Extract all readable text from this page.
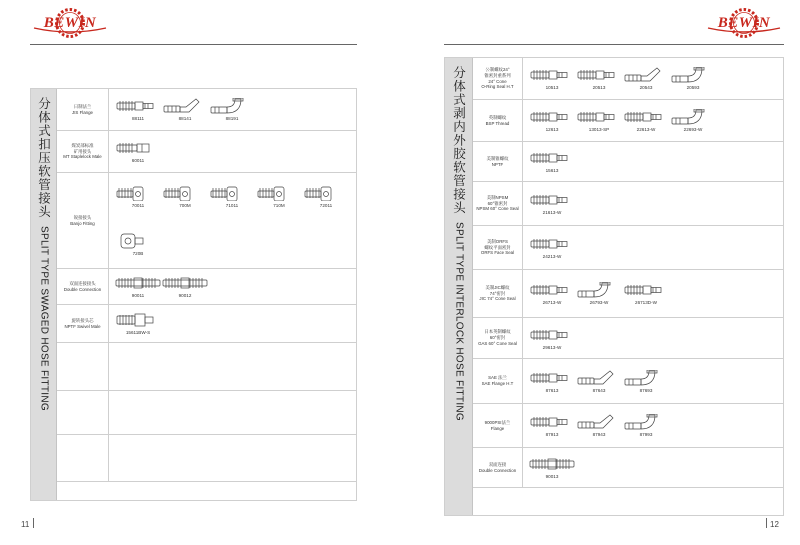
BEWIN
分体式扣压软管接头 SPLIT TYPE SWAGED HOSE FITTING
日制法兰
JIS Flange
88111	88141	88191
煤炭部标准
矿用接头
MT Staplelock Male
60011
锐接接头
Banjo Fitting
70011	700M	71011	710M	72011
720B
双面连接接头
Double Connection
90011	90012
旋转接头芯
NPTF Swivel Male
15611BW-S
11
BEWIN
分体式剥内外胶软管接头 SPLIT TYPE INTERLOCK HOSE FITTING
公制螺纹24°
锥密封重系列
24° Cone
O-Ring Seal H.T	10513	20513	20543	20593
英制螺纹
BSP Thread
12613	13013-SP	22613-W	22693-W
美制锥螺纹
NPTF
15613
美制NPSM
60°锥密封
NPSM 60° Cone Seal
21613-W
美制ORFS
螺纹平面密封
ORFS Face Seal
24213-W
美制JIC螺纹
74°密封
JIC 74° Cone Seal
26713-W	26793-W	26713D-W
日本英制螺纹
60°密封
GAS 60° Cone Seal
29613-W
SAE 法兰
SAE Flange H.T
87613	87643	87693
9000PSI法兰
Flange
87913	87943	87993
双面连接
Double Connection
90013
12
